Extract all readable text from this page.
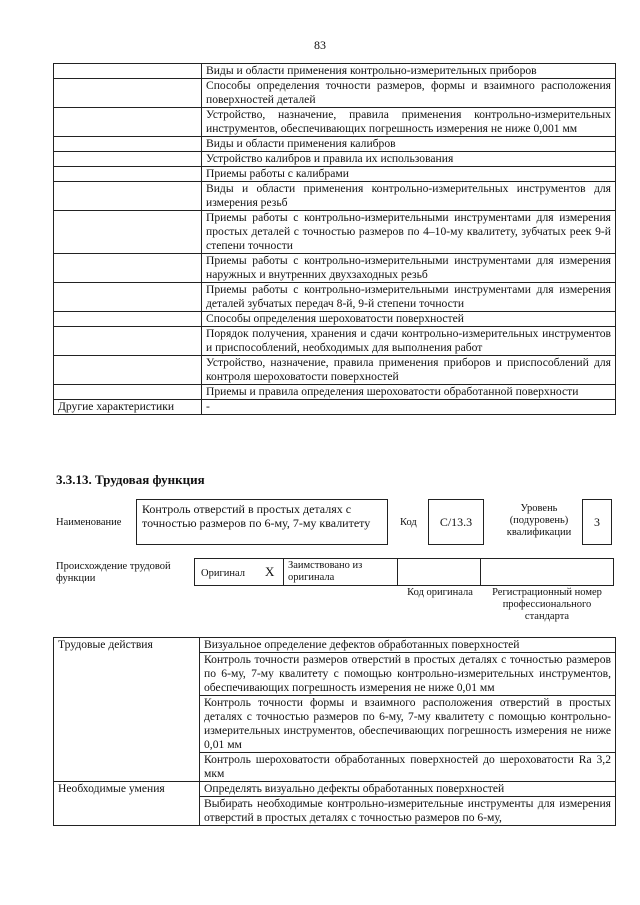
83
	Виды и области применения контрольно-измерительных приборов
	Способы определения точности размеров, формы и взаимного расположения поверхностей деталей
	Устройство, назначение, правила применения контрольно-измерительных инструментов, обеспечивающих погрешность измерения не ниже 0,001 мм
	Виды и области применения калибров
	Устройство калибров и правила их использования
	Приемы работы с калибрами
	Виды и области применения контрольно-измерительных инструментов для измерения резьб
	Приемы работы с контрольно-измерительными инструментами для измерения простых деталей с точностью размеров по 4–10-му квалитету, зубчатых реек 9-й степени точности
	Приемы работы с контрольно-измерительными инструментами для измерения наружных и внутренних двухзаходных резьб
	Приемы работы с контрольно-измерительными инструментами для измерения деталей зубчатых передач 8-й, 9-й степени точности
	Способы определения шероховатости поверхностей
	Порядок получения, хранения и сдачи контрольно-измерительных инструментов и приспособлений, необходимых для выполнения работ
	Устройство, назначение, правила применения приборов и приспособлений для контроля шероховатости поверхностей
	Приемы и правила определения шероховатости обработанной поверхности
Другие характеристики	-
3.3.13. Трудовая функция
Наименование
Контроль отверстий в простых деталях с точностью размеров по 6-му, 7-му квалитету	Код	C/13.3
Уровень (подуровень) квалификации
3
Происхождение трудовой функции	Оригинал X	Заимствовано из оригинала
Код оригинала	Регистрационный номер профессионального стандарта
Трудовые действия	Визуальное определение дефектов обработанных поверхностей
	Контроль точности размеров отверстий в простых деталях с точностью размеров по 6-му, 7-му квалитету с помощью контрольно-измерительных инструментов, обеспечивающих погрешность измерения не ниже 0,01 мм
	Контроль точности формы и взаимного расположения отверстий в простых деталях с точностью размеров по 6-му, 7-му квалитету с помощью контрольно-измерительных инструментов, обеспечивающих погрешность измерения не ниже 0,01 мм
	Контроль шероховатости обработанных поверхностей до шероховатости Ra 3,2 мкм
Необходимые умения	Определять визуально дефекты обработанных поверхностей
	Выбирать необходимые контрольно-измерительные инструменты для измерения отверстий в простых деталях с точностью размеров по 6-му,
